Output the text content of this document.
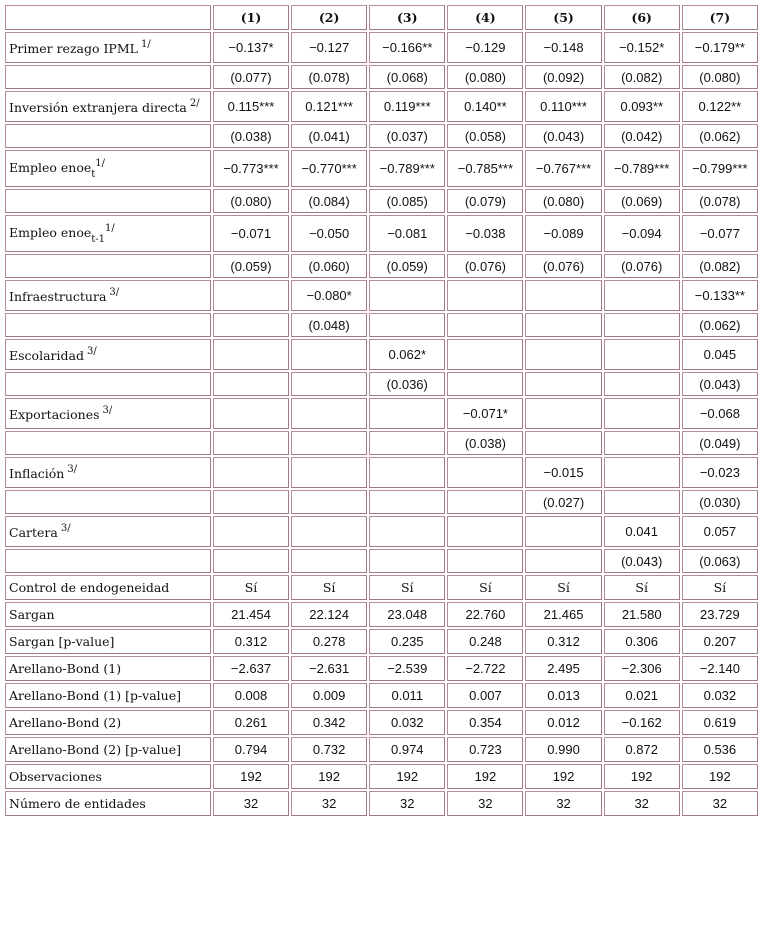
	(1)	(2)	(3)	(4)	(5)	(6)	(7)
Primer rezago IPML $^{1/}$	−0.137*	−0.127	−0.166**	−0.129	−0.148	−0.152*	−0.179**
	(0.077)	(0.078)	(0.068)	(0.080)	(0.092)	(0.082)	(0.080)
Inversión extranjera directa $^{2/}$	0.115***	0.121***	0.119***	0.140**	0.110***	0.093**	0.122**
	(0.038)	(0.041)	(0.037)	(0.058)	(0.043)	(0.042)	(0.062)
Empleo enoe$_t^{1/}$	−0.773***	−0.770***	−0.789***	−0.785***	−0.767***	−0.789***	−0.799***
	(0.080)	(0.084)	(0.085)	(0.079)	(0.080)	(0.069)	(0.078)
Empleo enoe$_{t-1}^{1/}$	−0.071	−0.050	−0.081	−0.038	−0.089	−0.094	−0.077
	(0.059)	(0.060)	(0.059)	(0.076)	(0.076)	(0.076)	(0.082)
Infraestructura $^{3/}$		−0.080*					−0.133**
		(0.048)					(0.062)
Escolaridad $^{3/}$			0.062*				0.045
			(0.036)				(0.043)
Exportaciones $^{3/}$				−0.071*			−0.068
				(0.038)			(0.049)
Inflación $^{3/}$					−0.015		−0.023
					(0.027)		(0.030)
Cartera $^{3/}$						0.041	0.057
						(0.043)	(0.063)
Control de endogeneidad	Sí	Sí	Sí	Sí	Sí	Sí	Sí
Sargan	21.454	22.124	23.048	22.760	21.465	21.580	23.729
Sargan [p-value]	0.312	0.278	0.235	0.248	0.312	0.306	0.207
Arellano-Bond (1)	−2.637	−2.631	−2.539	−2.722	2.495	−2.306	−2.140
Arellano-Bond (1) [p-value]	0.008	0.009	0.011	0.007	0.013	0.021	0.032
Arellano-Bond (2)	0.261	0.342	0.032	0.354	0.012	−0.162	0.619
Arellano-Bond (2) [p-value]	0.794	0.732	0.974	0.723	0.990	0.872	0.536
Observaciones	192	192	192	192	192	192	192
Número de entidades	32	32	32	32	32	32	32
